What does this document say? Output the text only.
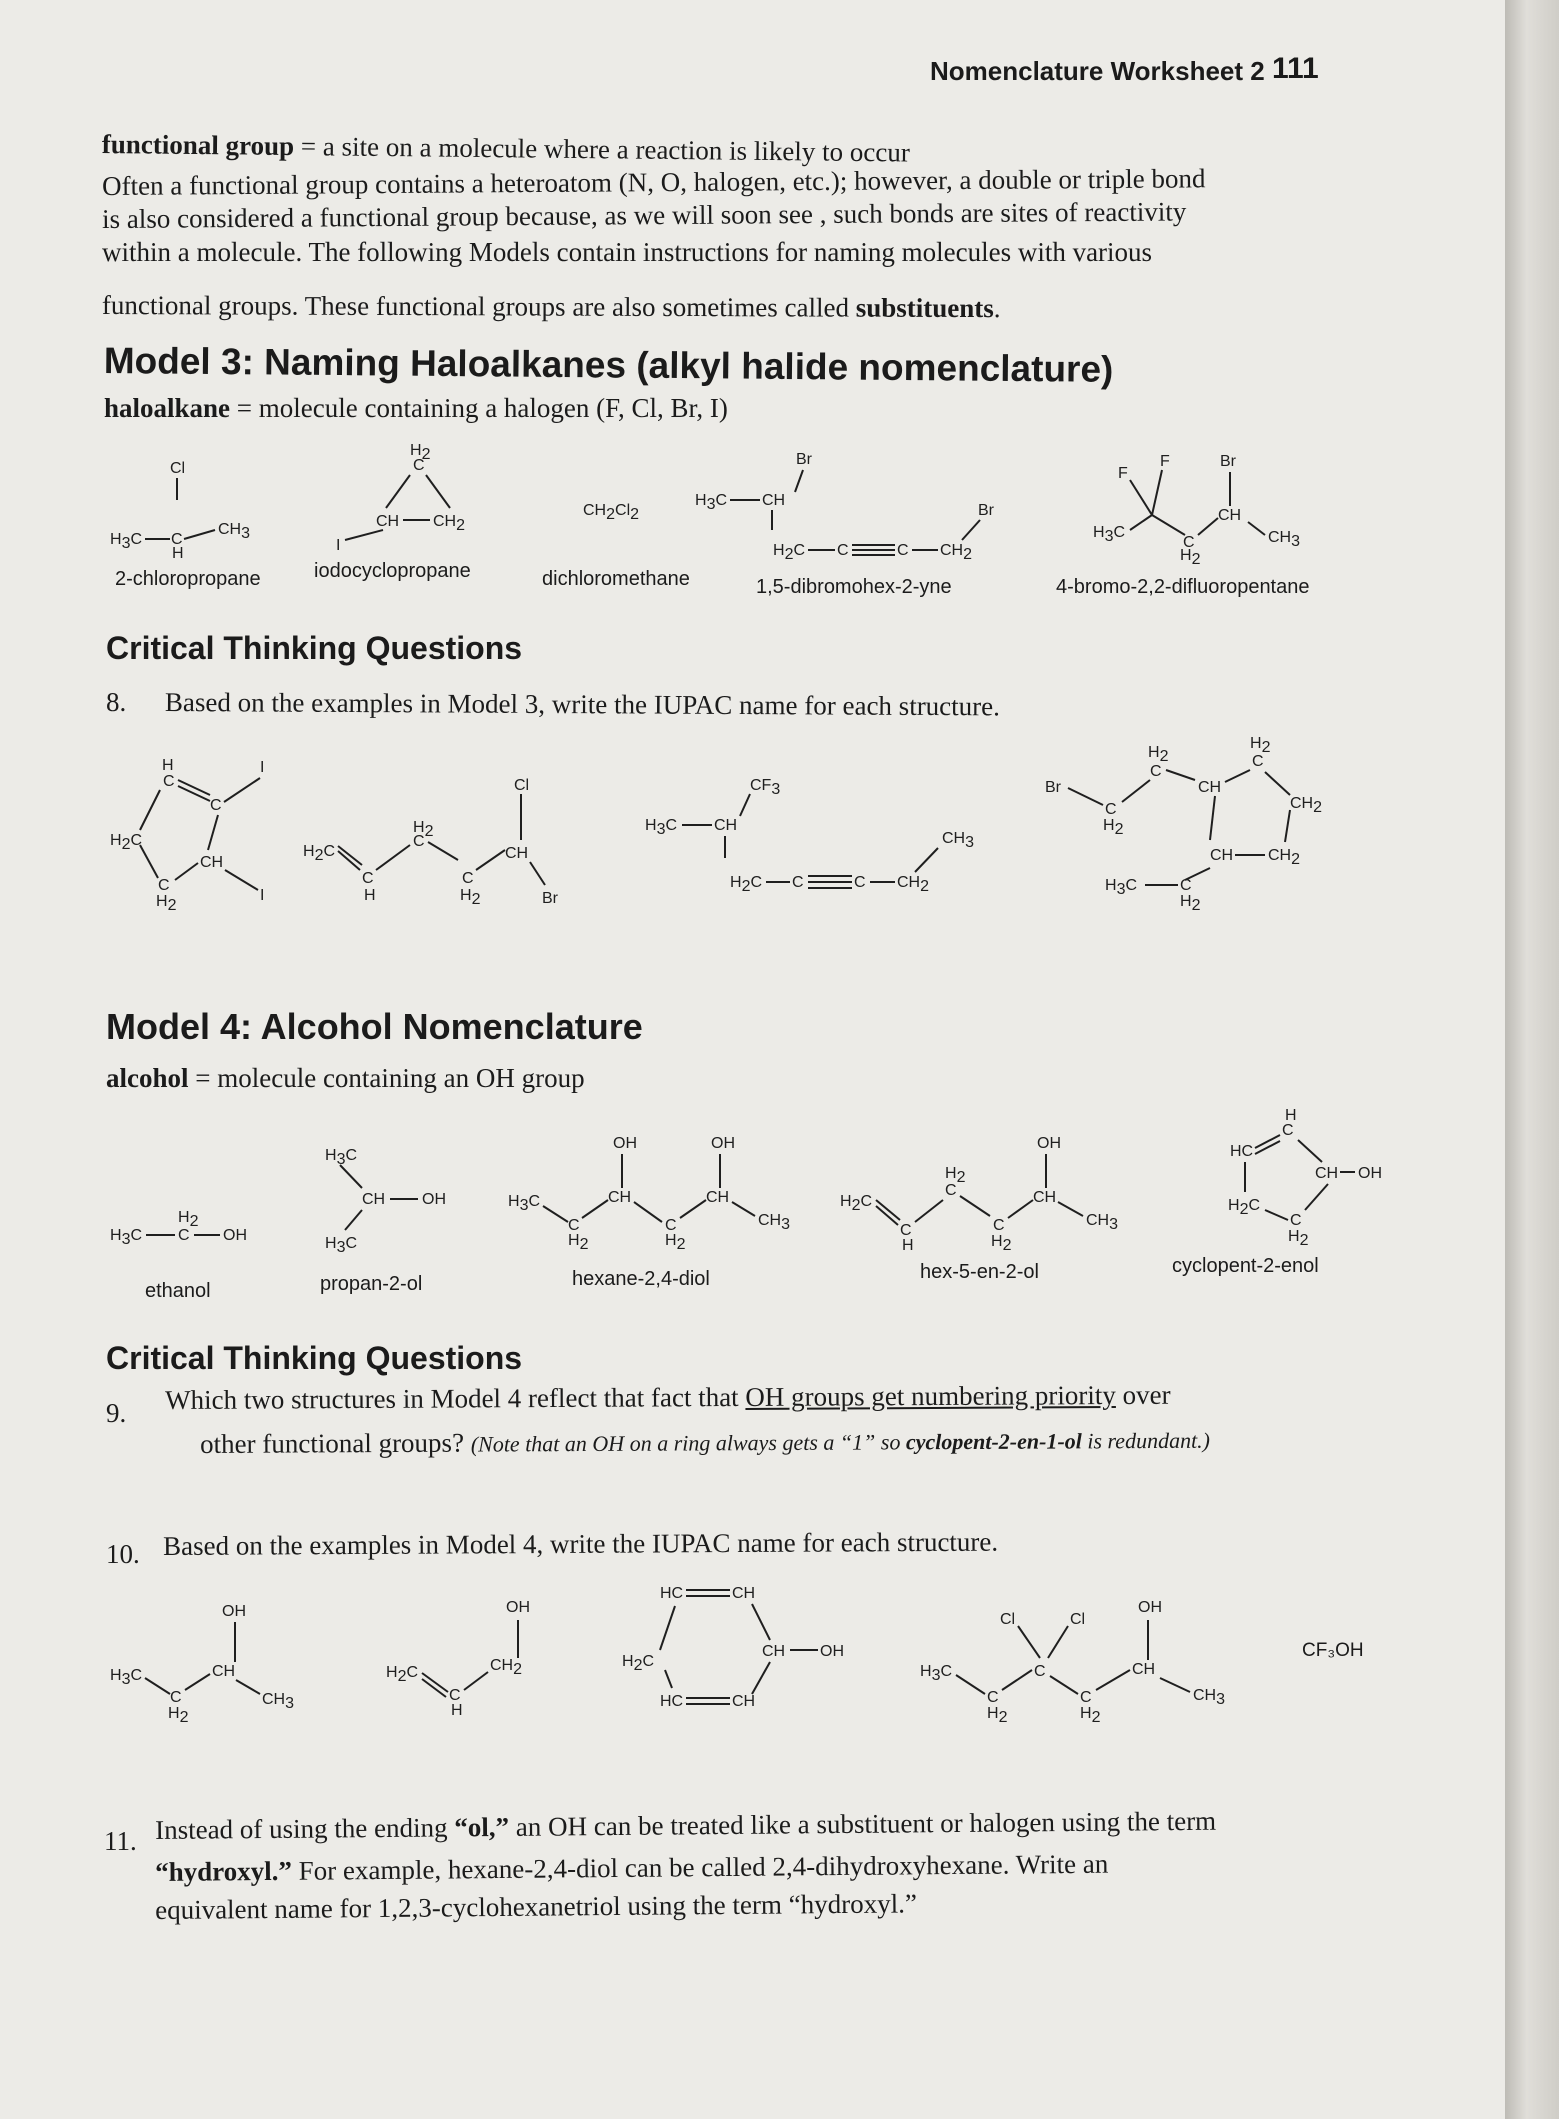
Nomenclature Worksheet 2 111
functional group = a site on a molecule where a reaction is likely to occur
Often a functional group contains a heteroatom (N, O, halogen, etc.); however, a double or triple bond
is also considered a functional group because, as we will soon see , such bonds are sites of reactivity
within a molecule. The following Models contain instructions for naming molecules with various
functional groups. These functional groups are also sometimes called substituents.
Model 3: Naming Haloalkanes (alkyl halide nomenclature)
haloalkane = molecule containing a halogen (F, Cl, Br, I)
Cl
H3C C
CH3
H
H2
C
CH CH2
I
CH2Cl2
H3C CH
Br
H2C C	C CH2
Br
H3C
F
F
C
H2
CH
Br
CH3
2-chloropropane	iodocyclopropane	dichloromethane	1,5-dibromohex-2-yne	4-bromo-2,2-difluoropentane
Critical Thinking Questions
8. Based on the examples in Model 3, write the IUPAC name for each structure.
H
C
H2C
C
I
CH
I
C
H2
H2C
C
H
H2
C
C
H2
CH
Cl
Br
H3C CH
CF3
H2C C	C CH2
CH3
Br
C
H2
C
H2
CH
CH CH2
CH2
C
H2
C
H2
H3C
Model 4: Alcohol Nomenclature
alcohol = molecule containing an OH group
H3C
H2
C OH
H3C
CH OH
H3C
H3C
C
H2
CH
OH
C
H2
CH
OH
CH3
H2C
C
H
H2
C
C
H2
CH
OH
CH3
HC
C
H
CH OH
C
H2
H2C
ethanol	propan-2-ol	hexane-2,4-diol	hex-5-en-2-ol	cyclopent-2-enol
Critical Thinking Questions
9. Which two structures in Model 4 reflect that fact that OH groups get numbering priority over
other functional groups? (Note that an OH on a ring always gets a “1” so cyclopent-2-en-1-ol is redundant.)
10. Based on the examples in Model 4, write the IUPAC name for each structure.
H3C
C
H2
CH
OH
CH3
H2C
C
H
CH2
OH
HC	CH
CH OH
CH
HC
H2C
H3C
C
H2
C
Cl	Cl
C
H2
CH
OH
CH3
CF₃OH
11. Instead of using the ending “ol,” an OH can be treated like a substituent or halogen using the term
“hydroxyl.” For example, hexane-2,4-diol can be called 2,4-dihydroxyhexane. Write an
equivalent name for 1,2,3-cyclohexanetriol using the term “hydroxyl.”
